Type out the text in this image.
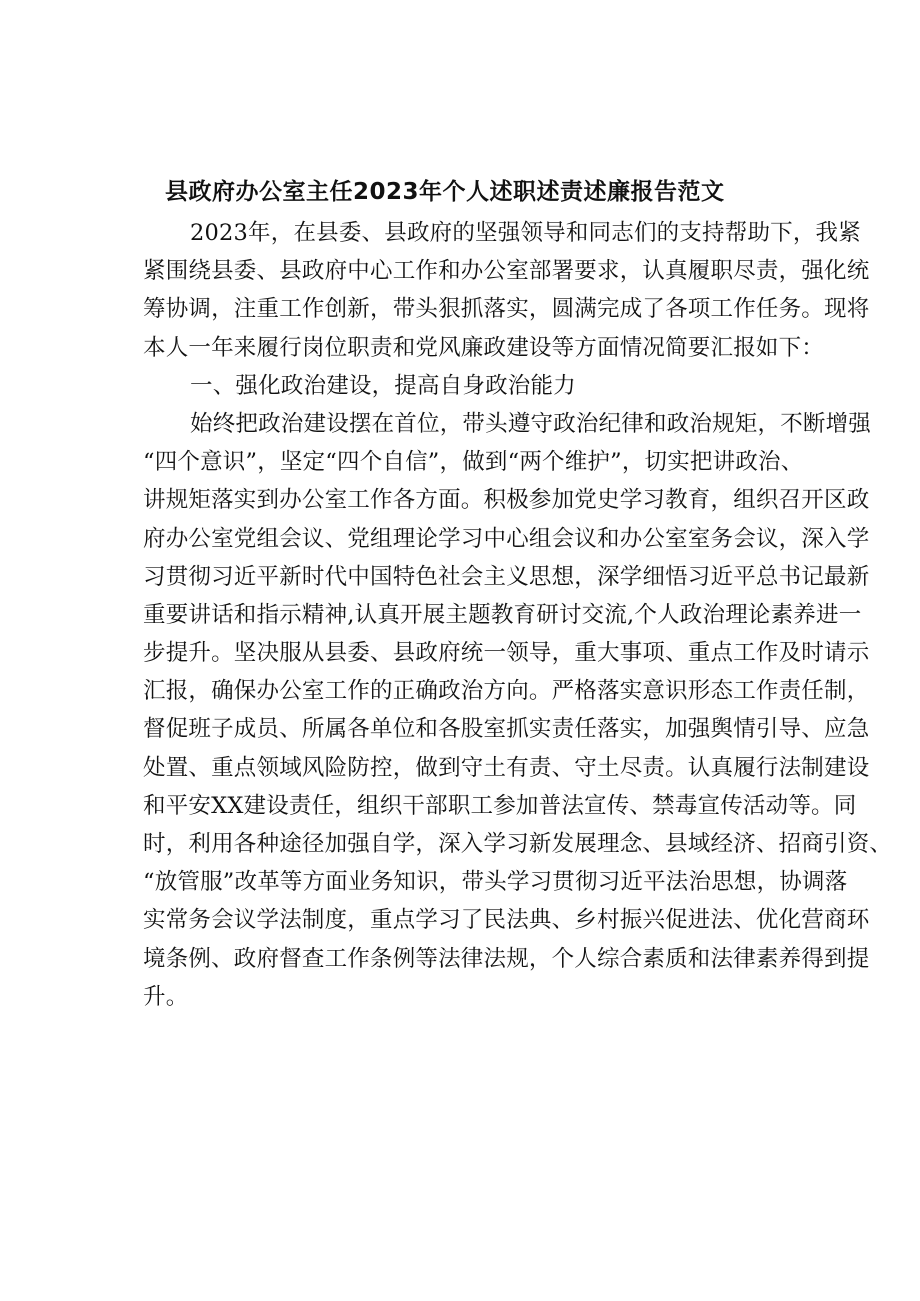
县政府办公室主任2023年个人述职述责述廉报告范文
2023年，在县委、县政府的坚强领导和同志们的支持帮助下，我紧
紧围绕县委、县政府中心工作和办公室部署要求，认真履职尽责，强化统
筹协调，注重工作创新，带头狠抓落实，圆满完成了各项工作任务。现将
本人一年来履行岗位职责和党风廉政建设等方面情况简要汇报如下：
一、强化政治建设，提高自身政治能力
始终把政治建设摆在首位，带头遵守政治纪律和政治规矩，不断增强
“四个意识”，坚定“四个自信”，做到“两个维护”，切实把讲政治、
讲规矩落实到办公室工作各方面。积极参加党史学习教育，组织召开区政
府办公室党组会议、党组理论学习中心组会议和办公室室务会议，深入学
习贯彻习近平新时代中国特色社会主义思想，深学细悟习近平总书记最新
重要讲话和指示精神,认真开展主题教育研讨交流,个人政治理论素养进一
步提升。坚决服从县委、县政府统一领导，重大事项、重点工作及时请示
汇报，确保办公室工作的正确政治方向。严格落实意识形态工作责任制，
督促班子成员、所属各单位和各股室抓实责任落实，加强舆情引导、应急
处置、重点领域风险防控，做到守土有责、守土尽责。认真履行法制建设
和平安XX建设责任，组织干部职工参加普法宣传、禁毒宣传活动等。同
时，利用各种途径加强自学，深入学习新发展理念、县域经济、招商引资、
“放管服”改革等方面业务知识，带头学习贯彻习近平法治思想，协调落
实常务会议学法制度，重点学习了民法典、乡村振兴促进法、优化营商环
境条例、政府督查工作条例等法律法规，个人综合素质和法律素养得到提
升。
